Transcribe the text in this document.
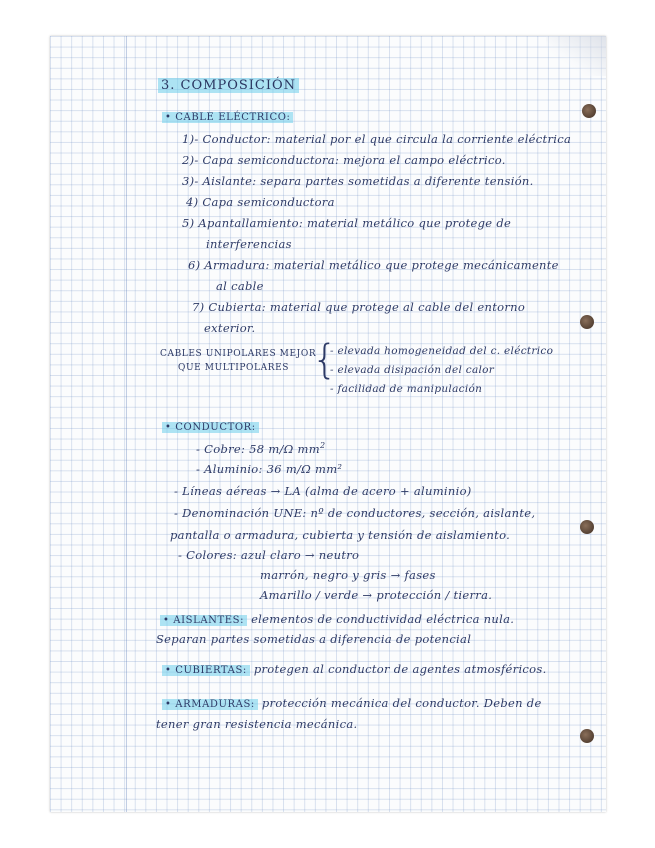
3. COMPOSICIÓN
• CABLE ELÉCTRICO:
1)- Conductor: material por el que circula la corriente eléctrica
2)- Capa semiconductora: mejora el campo eléctrico.
3)- Aislante: separa partes sometidas a diferente tensión.
4) Capa semiconductora
5) Apantallamiento: material metálico que protege de
interferencias
6) Armadura: material metálico que protege mecánicamente
al cable
7) Cubierta: material que protege al cable del entorno
exterior.
CABLES UNIPOLARES MEJOR
QUE MULTIPOLARES {
- elevada homogeneidad del c. eléctrico
- elevada disipación del calor
- facilidad de manipulación
• CONDUCTOR:
- Cobre: 58 m/Ω $mm^2$
- Aluminio: 36 m/Ω mm²
- Líneas aéreas → LA (alma de acero + aluminio)
- Denominación UNE: nº de conductores, sección, aislante,
pantalla o armadura, cubierta y tensión de aislamiento.
- Colores: azul claro → neutro
marrón, negro y gris → fases
Amarillo / verde → protección / tierra.
• AISLANTES: elementos de conductividad eléctrica nula.
Separan partes sometidas a diferencia de potencial
• CUBIERTAS: protegen al conductor de agentes atmosféricos.
• ARMADURAS: protección mecánica del conductor. Deben de
tener gran resistencia mecánica.
